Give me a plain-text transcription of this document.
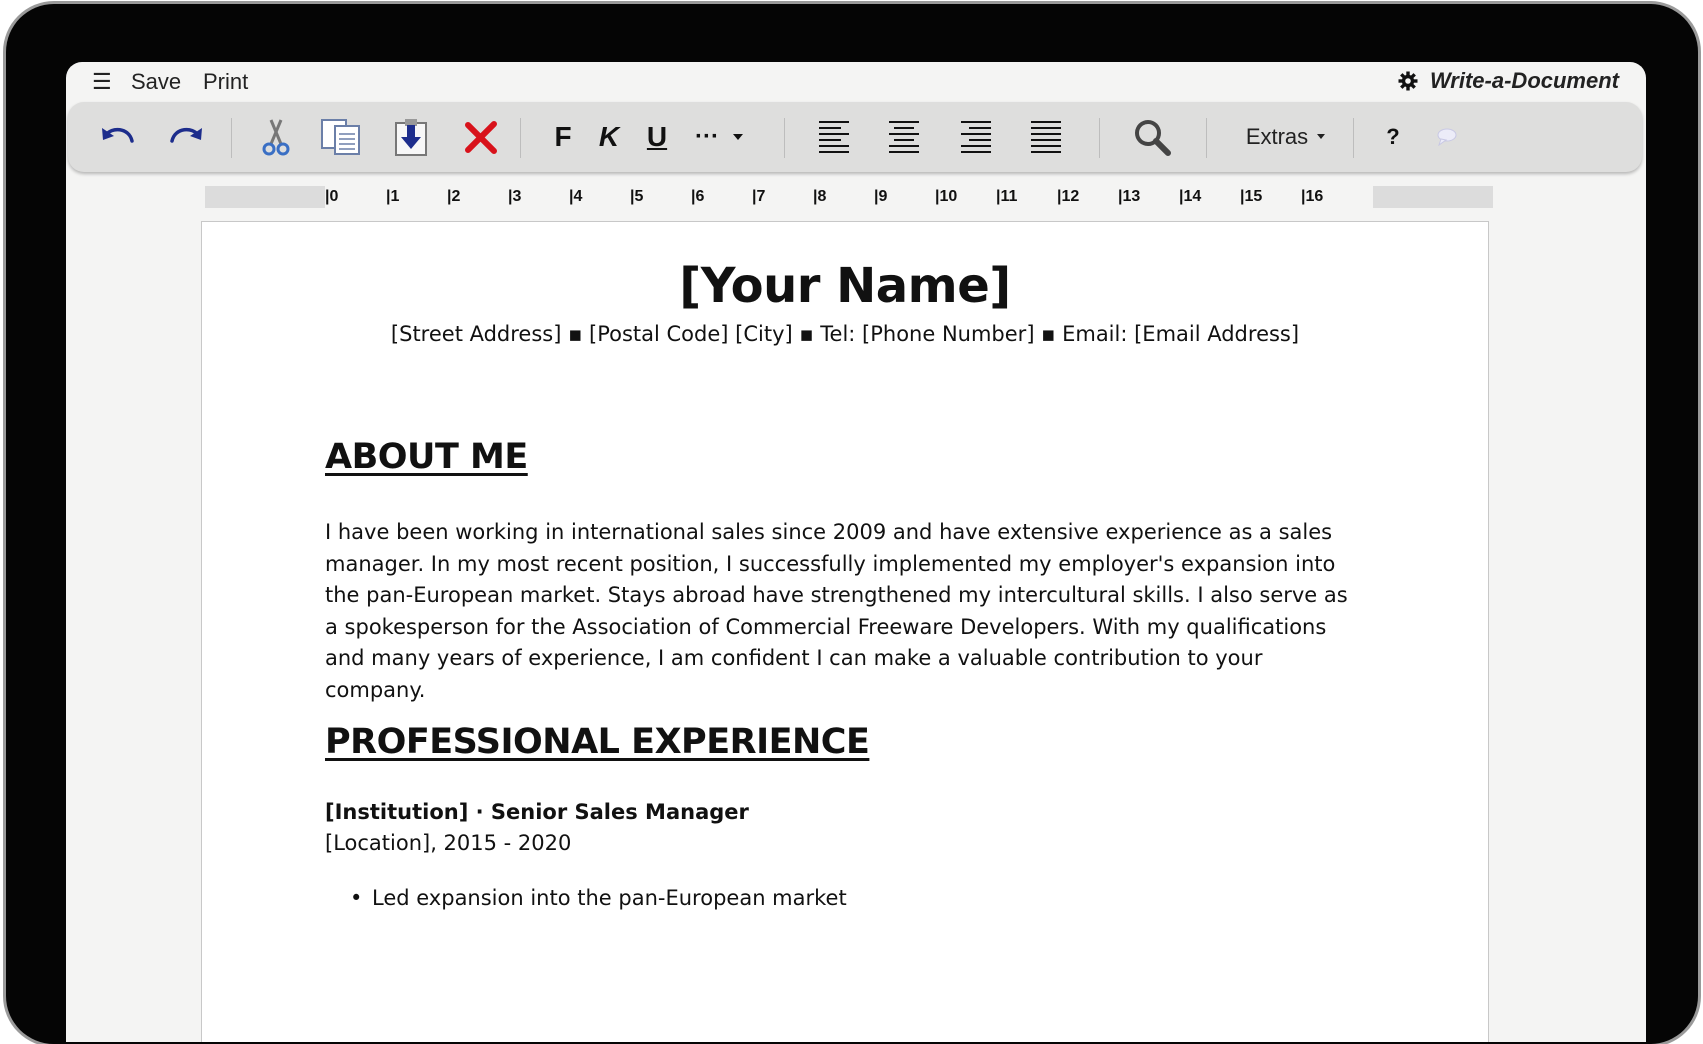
☰ Save Print	Write-a-Document
F K U ···	Extras	?
|0	|1	|2	|3	|4	|5	|6	|7	|8	|9	|10 |11 |12 |13 |14 |15 |16
[Your Name]
[Street Address] ▪ [Postal Code] [City] ▪ Tel: [Phone Number] ▪ Email: [Email Address]
ABOUT ME
I have been working in international sales since 2009 and have extensive experience as a sales manager. In my most recent position, I successfully implemented my employer's expansion into the pan-European market. Stays abroad have strengthened my intercultural skills. I also serve as a spokesperson for the Association of Commercial Freeware Developers. With my qualifications and many years of experience, I am confident I can make a valuable contribution to your company.
PROFESSIONAL EXPERIENCE
[Institution] · Senior Sales Manager
[Location], 2015 - 2020
• Led expansion into the pan-European market
